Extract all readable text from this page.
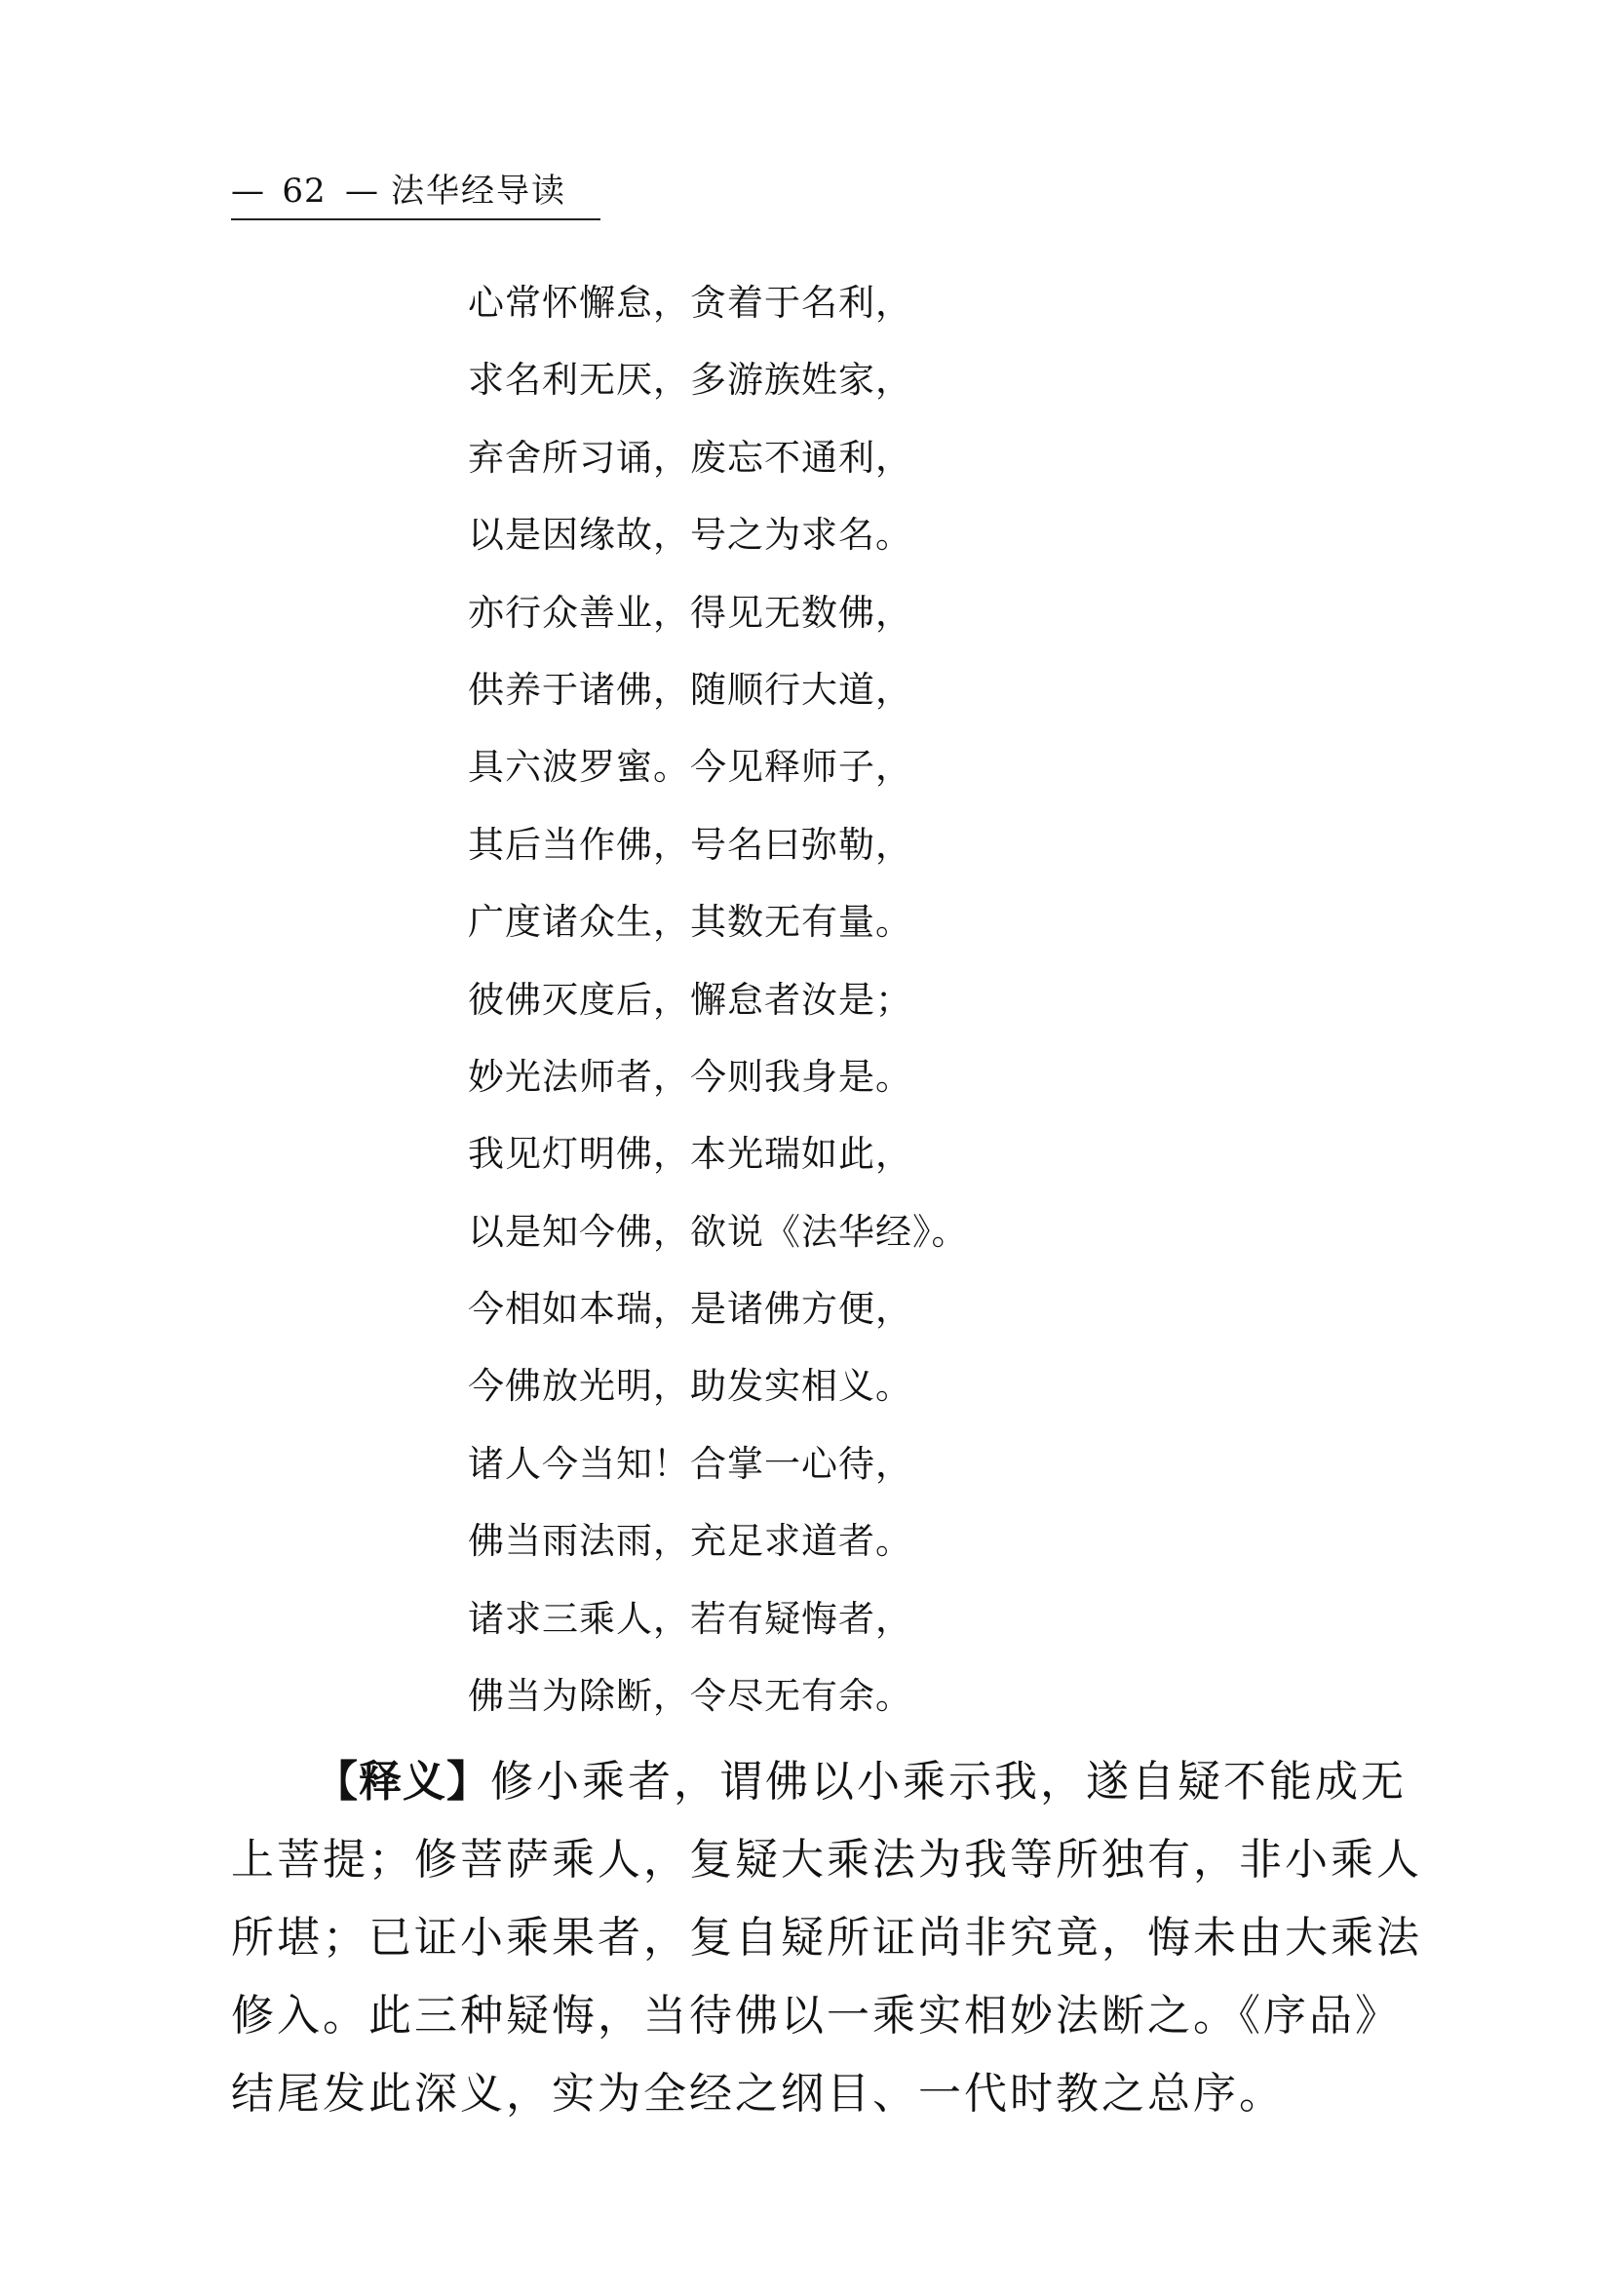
— 62 — 法华经导读
心常怀懈怠，贪着于名利，
求名利无厌，多游族姓家，
弃舍所习诵，废忘不通利，
以是因缘故，号之为求名。
亦行众善业，得见无数佛，
供养于诸佛，随顺行大道，
具六波罗蜜。今见释师子，
其后当作佛，号名曰弥勒，
广度诸众生，其数无有量。
彼佛灭度后，懈怠者汝是；
妙光法师者，今则我身是。
我见灯明佛，本光瑞如此，
以是知今佛，欲说《法华经》。
今相如本瑞，是诸佛方便，
今佛放光明，助发实相义。
诸人今当知！合掌一心待，
佛当雨法雨，充足求道者。
诸求三乘人，若有疑悔者，
佛当为除断，令尽无有余。
【释义】修小乘者，谓佛以小乘示我，遂自疑不能成无
上菩提；修菩萨乘人，复疑大乘法为我等所独有，非小乘人
所堪；已证小乘果者，复自疑所证尚非究竟，悔未由大乘法
修入。此三种疑悔，当待佛以一乘实相妙法断之。《序品》
结尾发此深义，实为全经之纲目、一代时教之总序。
